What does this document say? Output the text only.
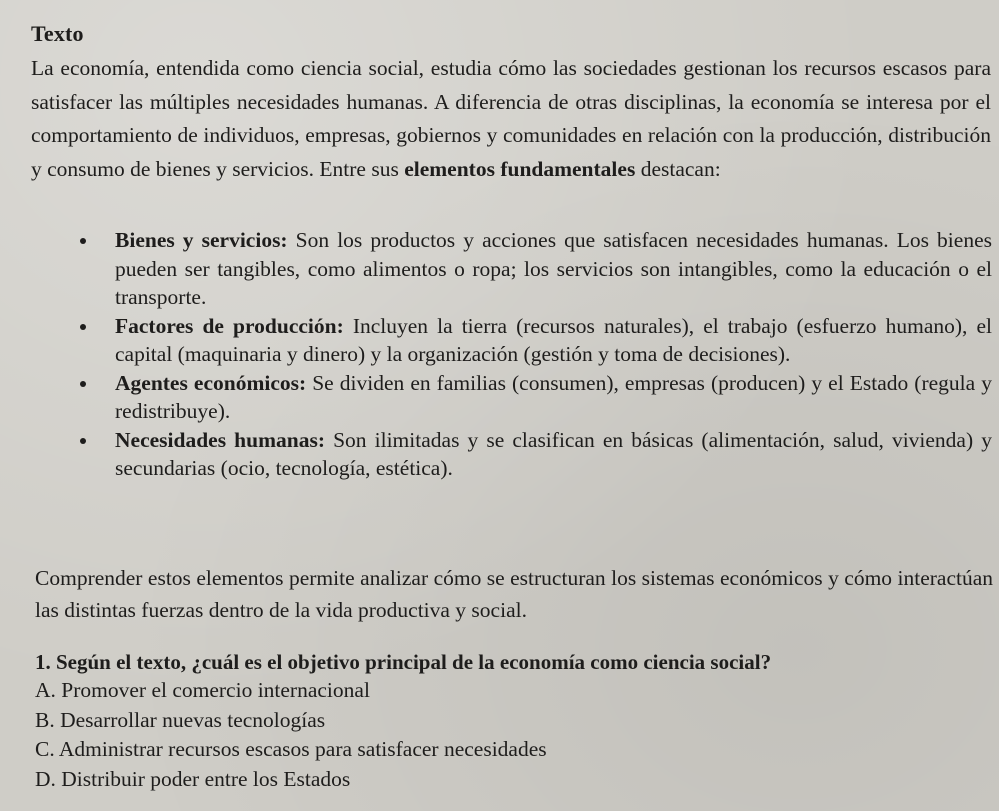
Texto
La economía, entendida como ciencia social, estudia cómo las sociedades gestionan los recursos escasos para satisfacer las múltiples necesidades humanas. A diferencia de otras disciplinas, la economía se interesa por el comportamiento de individuos, empresas, gobiernos y comunidades en relación con la producción, distribución y consumo de bienes y servicios. Entre sus elementos fundamentales destacan:
Bienes y servicios: Son los productos y acciones que satisfacen necesidades humanas. Los bienes pueden ser tangibles, como alimentos o ropa; los servicios son intangibles, como la educación o el transporte.
Factores de producción: Incluyen la tierra (recursos naturales), el trabajo (esfuerzo humano), el capital (maquinaria y dinero) y la organización (gestión y toma de decisiones).
Agentes económicos: Se dividen en familias (consumen), empresas (producen) y el Estado (regula y redistribuye).
Necesidades humanas: Son ilimitadas y se clasifican en básicas (alimentación, salud, vivienda) y secundarias (ocio, tecnología, estética).
Comprender estos elementos permite analizar cómo se estructuran los sistemas económicos y cómo interactúan las distintas fuerzas dentro de la vida productiva y social.
1. Según el texto, ¿cuál es el objetivo principal de la economía como ciencia social?
A. Promover el comercio internacional
B. Desarrollar nuevas tecnologías
C. Administrar recursos escasos para satisfacer necesidades
D. Distribuir poder entre los Estados
